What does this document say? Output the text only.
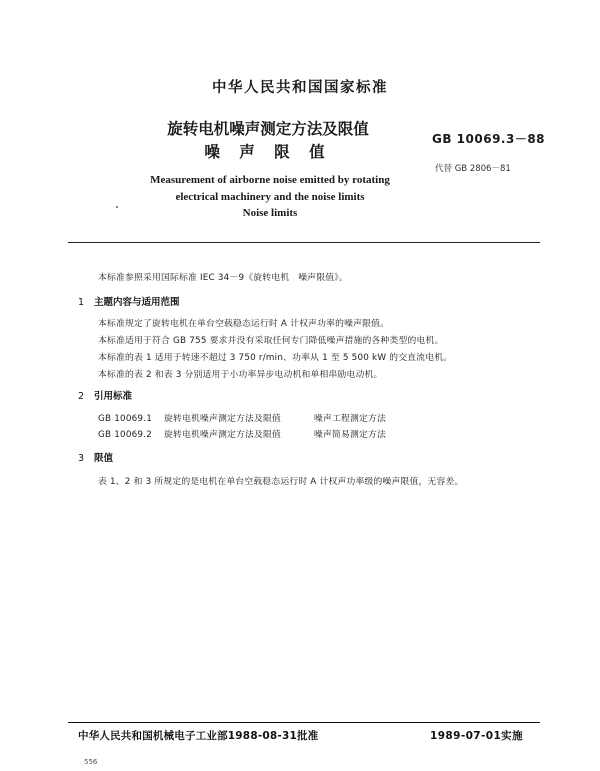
中华人民共和国国家标准
旋转电机噪声测定方法及限值
噪 声 限 值
GB 10069.3－88
代替 GB 2806－81
Measurement of airborne noise emitted by rotating
electrical machinery and the noise limits
Noise limits
本标准参照采用国际标准 IEC 34－9《旋转电机　噪声限值》。
1 主题内容与适用范围
本标准规定了旋转电机在单台空载稳态运行时 A 计权声功率的噪声限值。
本标准适用于符合 GB 755 要求并没有采取任何专门降低噪声措施的各种类型的电机。
本标准的表 1 适用于转速不超过 3 750 r/min、功率从 1 至 5 500 kW 的交直流电机。
本标准的表 2 和表 3 分别适用于小功率异步电动机和单相串励电动机。
2 引用标准
GB 10069.1 旋转电机噪声测定方法及限值	噪声工程测定方法
GB 10069.2 旋转电机噪声测定方法及限值	噪声简易测定方法
3 限值
表 1、2 和 3 所规定的是电机在单台空载稳态运行时 A 计权声功率级的噪声限值，无容差。
中华人民共和国机械电子工业部1988-08-31批准	1989-07-01实施
556
